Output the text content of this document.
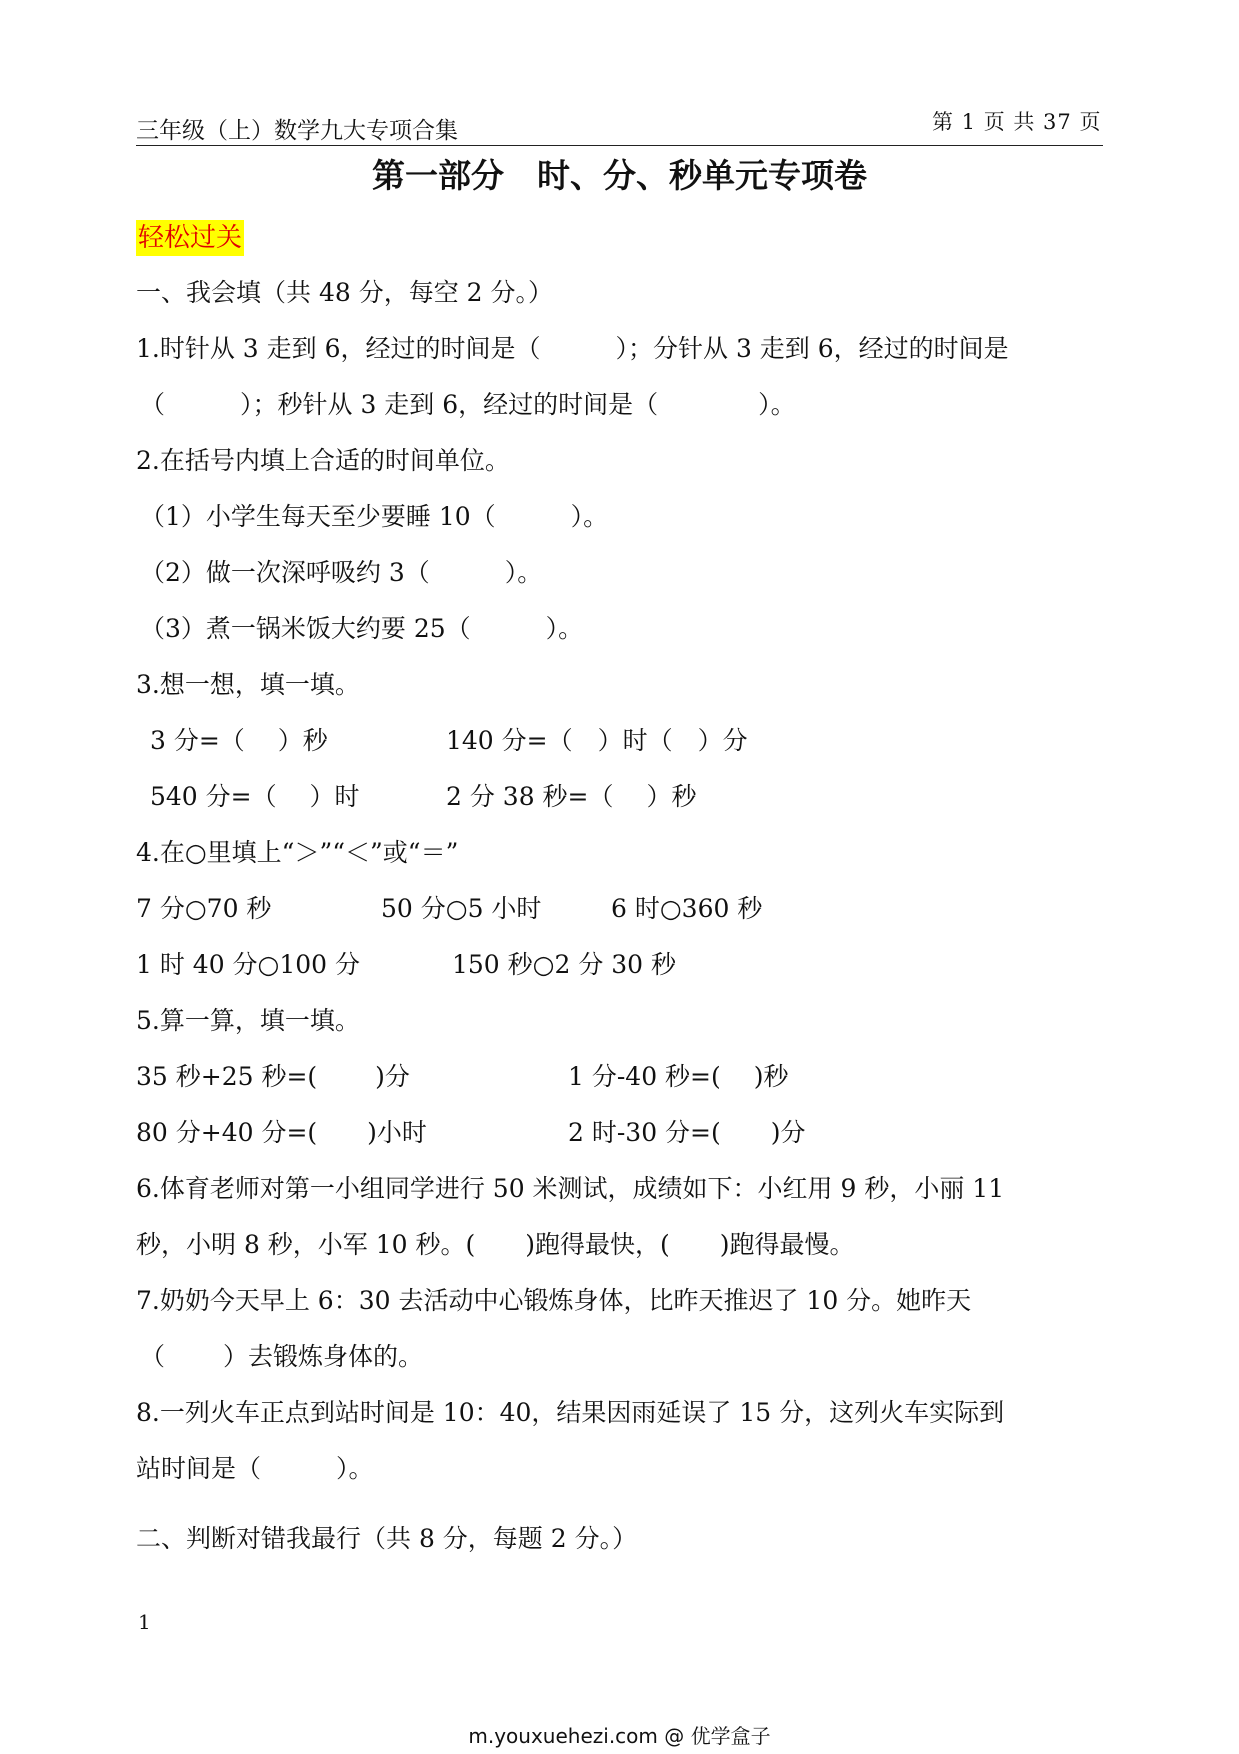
三年级（上）数学九大专项合集	第 1 页 共 37 页
第一部分　时、分、秒单元专项卷
轻松过关
一、我会填（共 48 分，每空 2 分。）
1.时针从 3 走到 6，经过的时间是（　　　）；分针从 3 走到 6，经过的时间是
（　　　）；秒针从 3 走到 6，经过的时间是（　　　　）。
2.在括号内填上合适的时间单位。
（1）小学生每天至少要睡 10（　　　）。
（2）做一次深呼吸约 3（　　　）。
（3）煮一锅米饭大约要 25（　　　）。
3.想一想，填一填。
3 分=（　 ）秒	140 分=（　）时（　）分
540 分=（　 ）时	2 分 38 秒=（　 ）秒
4.在○里填上“＞”“＜”或“＝”
7 分○70 秒	50 分○5 小时	6 时○360 秒
1 时 40 分○100 分	150 秒○2 分 30 秒
5.算一算，填一填。
35 秒+25 秒=(　　 )分	1 分-40 秒=(　 )秒
80 分+40 分=(　　)小时	2 时-30 分=(　　)分
6.体育老师对第一小组同学进行 50 米测试，成绩如下：小红用 9 秒，小丽 11
秒，小明 8 秒，小军 10 秒。(　　)跑得最快，(　　)跑得最慢。
7.奶奶今天早上 6：30 去活动中心锻炼身体，比昨天推迟了 10 分。她昨天
（　　 ）去锻炼身体的。
8.一列火车正点到站时间是 10：40，结果因雨延误了 15 分，这列火车实际到
站时间是（　　　）。
二、判断对错我最行（共 8 分，每题 2 分。）
1
m.youxuehezi.com @ 优学盒子
